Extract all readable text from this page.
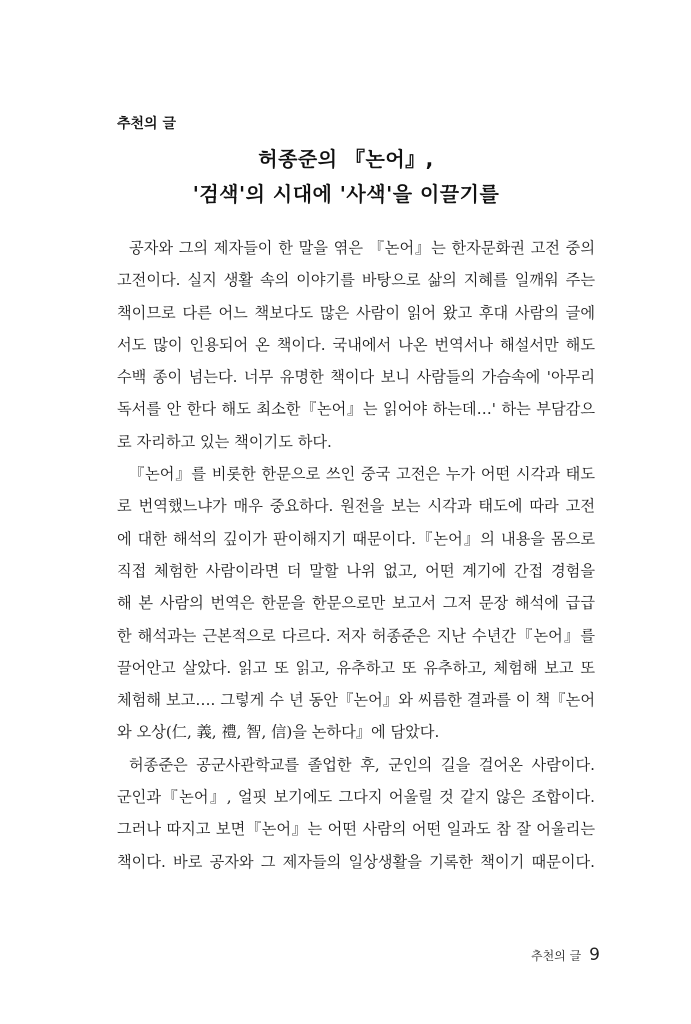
추천의 글
허종준의 『논어』,
'검색'의 시대에 '사색'을 이끌기를
공자와 그의 제자들이 한 말을 엮은 『논어』는 한자문화권 고전 중의
고전이다. 실지 생활 속의 이야기를 바탕으로 삶의 지혜를 일깨워 주는
책이므로 다른 어느 책보다도 많은 사람이 읽어 왔고 후대 사람의 글에
서도 많이 인용되어 온 책이다. 국내에서 나온 번역서나 해설서만 해도
수백 종이 넘는다. 너무 유명한 책이다 보니 사람들의 가슴속에 '아무리
독서를 안 한다 해도 최소한『논어』는 읽어야 하는데…' 하는 부담감으
로 자리하고 있는 책이기도 하다.
『논어』를 비롯한 한문으로 쓰인 중국 고전은 누가 어떤 시각과 태도
로 번역했느냐가 매우 중요하다. 원전을 보는 시각과 태도에 따라 고전
에 대한 해석의 깊이가 판이해지기 때문이다.『논어』의 내용을 몸으로
직접 체험한 사람이라면 더 말할 나위 없고, 어떤 계기에 간접 경험을
해 본 사람의 번역은 한문을 한문으로만 보고서 그저 문장 해석에 급급
한 해석과는 근본적으로 다르다. 저자 허종준은 지난 수년간『논어』를
끌어안고 살았다. 읽고 또 읽고, 유추하고 또 유추하고, 체험해 보고 또
체험해 보고…. 그렇게 수 년 동안『논어』와 씨름한 결과를 이 책『논어
와 오상(仁, 義, 禮, 智, 信)을 논하다』에 담았다.
허종준은 공군사관학교를 졸업한 후, 군인의 길을 걸어온 사람이다.
군인과『논어』, 얼핏 보기에도 그다지 어울릴 것 같지 않은 조합이다.
그러나 따지고 보면『논어』는 어떤 사람의 어떤 일과도 참 잘 어울리는
책이다. 바로 공자와 그 제자들의 일상생활을 기록한 책이기 때문이다.
추천의 글 9
